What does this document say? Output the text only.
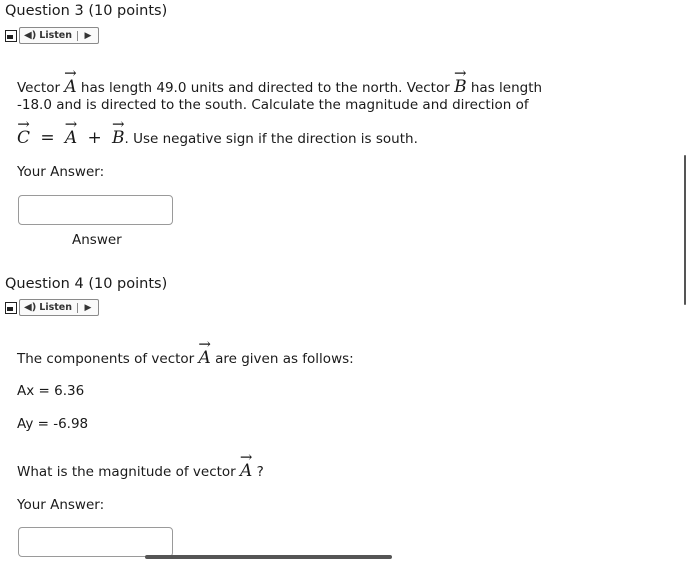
Question 3 (10 points)
◀) Listen	▶
Vector → A has length 49.0 units and directed to the north. Vector → B has length
-18.0 and is directed to the south. Calculate the magnitude and direction of
→ C = → A + → B. Use negative sign if the direction is south.
Your Answer:
Answer
Question 4 (10 points)
◀) Listen	▶
The components of vector → A are given as follows:
Ax = 6.36
Ay = -6.98
What is the magnitude of vector → A ?
Your Answer:
